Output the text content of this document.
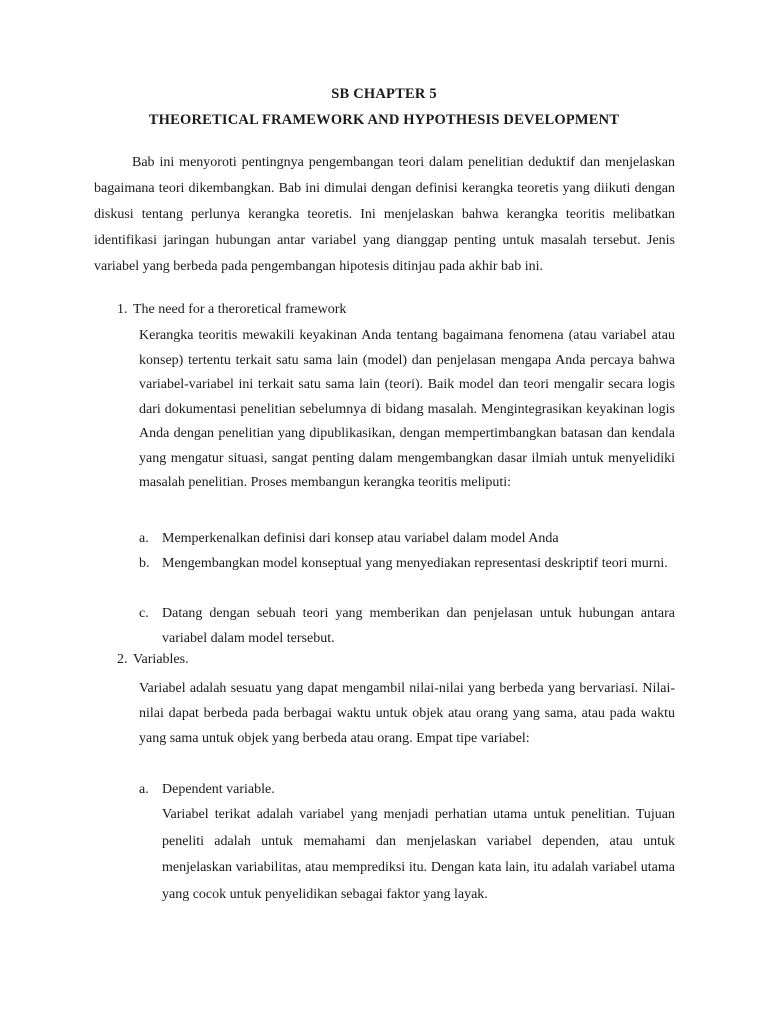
SB CHAPTER 5
THEORETICAL FRAMEWORK AND HYPOTHESIS DEVELOPMENT

Bab ini menyoroti pentingnya pengembangan teori dalam penelitian deduktif dan menjelaskan bagaimana teori dikembangkan. Bab ini dimulai dengan definisi kerangka teoretis yang diikuti dengan diskusi tentang perlunya kerangka teoretis. Ini menjelaskan bahwa kerangka teoritis melibatkan identifikasi jaringan hubungan antar variabel yang dianggap penting untuk masalah tersebut. Jenis variabel yang berbeda pada pengembangan hipotesis ditinjau pada akhir bab ini.

1. The need for a theroretical framework

Kerangka teoritis mewakili keyakinan Anda tentang bagaimana fenomena (atau variabel atau konsep) tertentu terkait satu sama lain (model) dan penjelasan mengapa Anda percaya bahwa variabel-variabel ini terkait satu sama lain (teori). Baik model dan teori mengalir secara logis dari dokumentasi penelitian sebelumnya di bidang masalah. Mengintegrasikan keyakinan logis Anda dengan penelitian yang dipublikasikan, dengan mempertimbangkan batasan dan kendala yang mengatur situasi, sangat penting dalam mengembangkan dasar ilmiah untuk menyelidiki masalah penelitian. Proses membangun kerangka teoritis meliputi:

a. Memperkenalkan definisi dari konsep atau variabel dalam model Anda
b. Mengembangkan model konseptual yang menyediakan representasi deskriptif teori murni.
c. Datang dengan sebuah teori yang memberikan dan penjelasan untuk hubungan antara variabel dalam model tersebut.
2. Variables.

Variabel adalah sesuatu yang dapat mengambil nilai-nilai yang berbeda yang bervariasi. Nilai-nilai dapat berbeda pada berbagai waktu untuk objek atau orang yang sama, atau pada waktu yang sama untuk objek yang berbeda atau orang. Empat tipe variabel:

a. Dependent variable.

Variabel terikat adalah variabel yang menjadi perhatian utama untuk penelitian. Tujuan peneliti adalah untuk memahami dan menjelaskan variabel dependen, atau untuk menjelaskan variabilitas, atau memprediksi itu. Dengan kata lain, itu adalah variabel utama yang cocok untuk penyelidikan sebagai faktor yang layak.
